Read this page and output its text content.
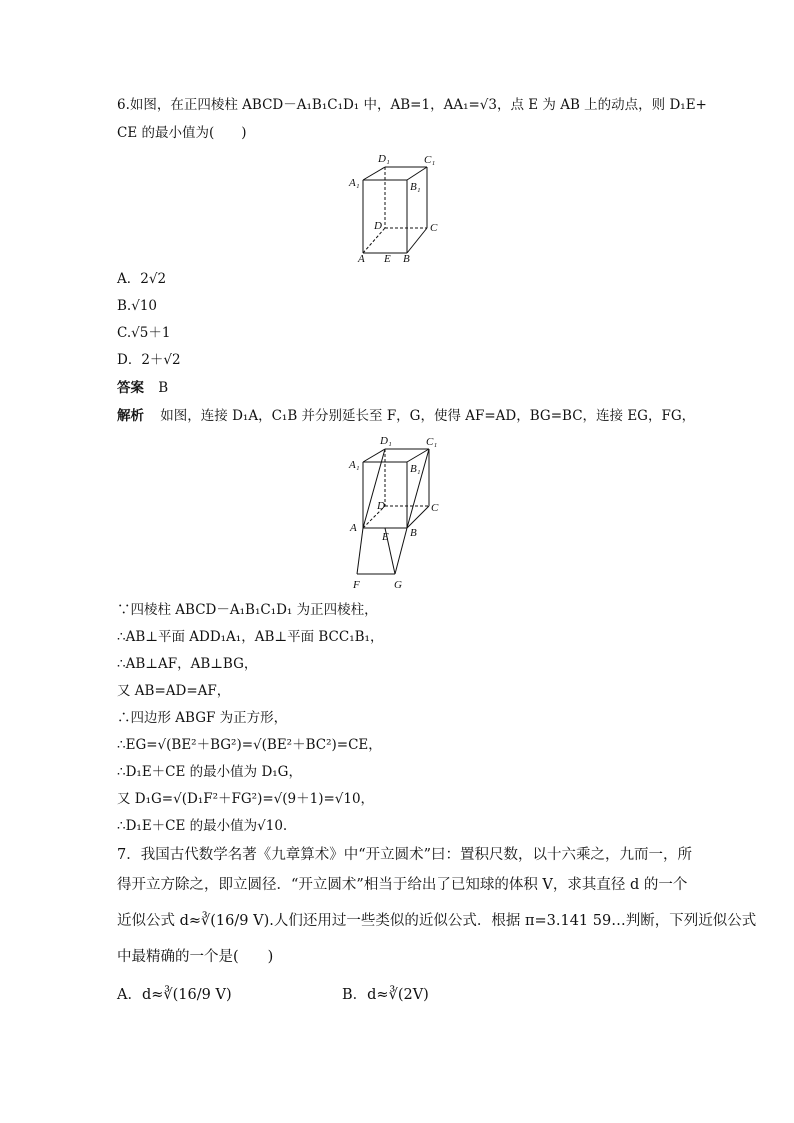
6.如图，在正四棱柱 ABCD－A₁B₁C₁D₁ 中，AB=1，AA₁=√3，点 E 为 AB 上的动点，则 D₁E+
CE 的最小值为(　　)
D₁	C₁
A₁	B₁
D	C
A E B
A．2√2
B.√10
C.√5＋1
D．2＋√2
答案 B
解析 如图，连接 D₁A，C₁B 并分别延长至 F，G，使得 AF=AD，BG=BC，连接 EG，FG，
D₁	C₁
A₁	B₁
D	C
A
E B
F	G
∵四棱柱 ABCD－A₁B₁C₁D₁ 为正四棱柱，
∴AB⊥平面 ADD₁A₁，AB⊥平面 BCC₁B₁，
∴AB⊥AF，AB⊥BG，
又 AB=AD=AF，
∴四边形 ABGF 为正方形，
∴EG=√(BE²＋BG²)=√(BE²＋BC²)=CE，
∴D₁E＋CE 的最小值为 D₁G，
又 D₁G=√(D₁F²＋FG²)=√(9＋1)=√10，
∴D₁E＋CE 的最小值为√10.
7．我国古代数学名著《九章算术》中“开立圆术”曰：置积尺数，以十六乘之，九而一，所
得开立方除之，即立圆径．“开立圆术”相当于给出了已知球的体积 V，求其直径 d 的一个
近似公式 d≈∛(16/9 V).人们还用过一些类似的近似公式．根据 π=3.141 59…判断，下列近似公式
中最精确的一个是(　　)
A．d≈∛(16/9 V)	B．d≈∛(2V)
